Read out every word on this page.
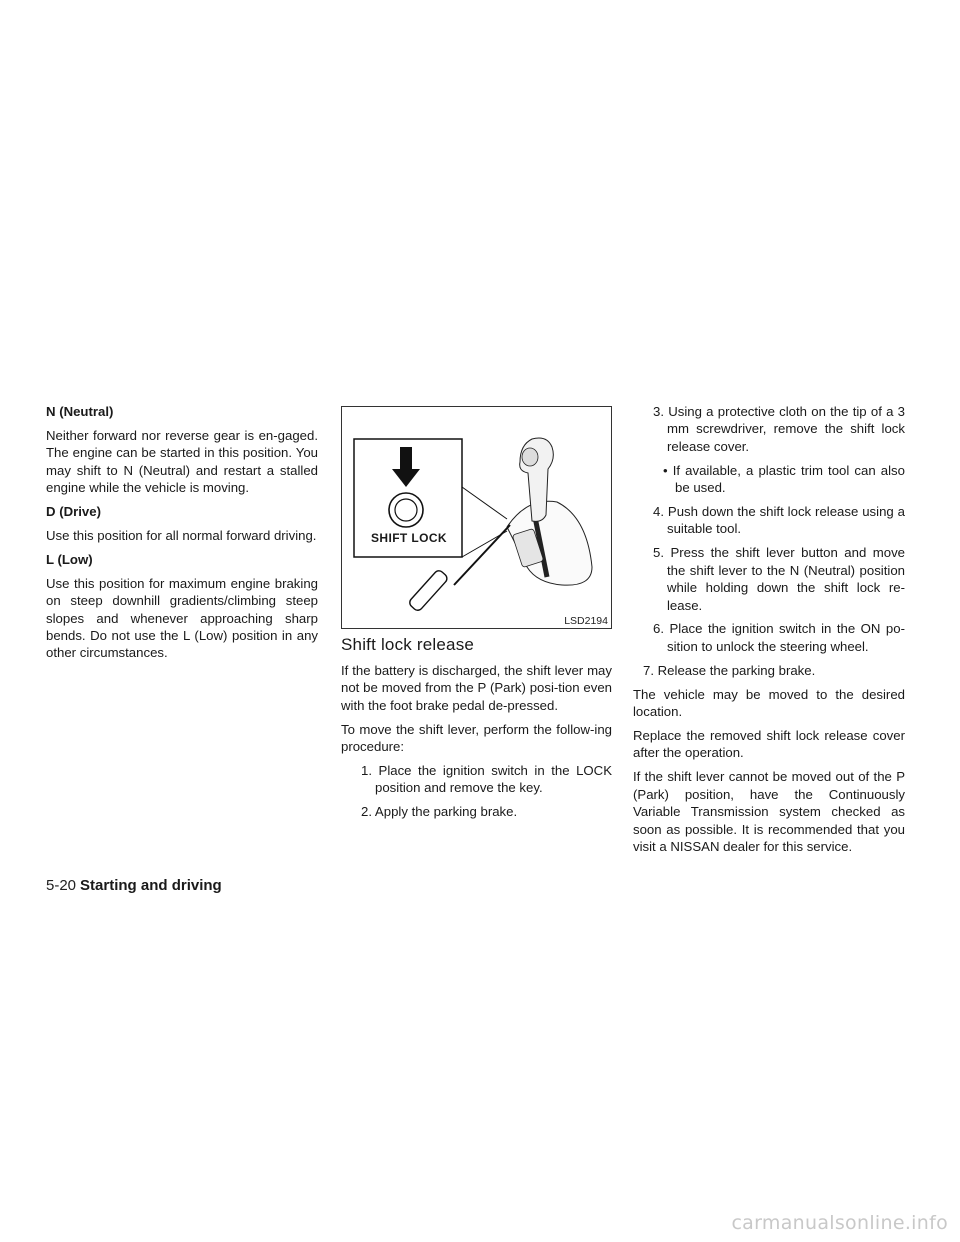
N (Neutral)

Neither forward nor reverse gear is en-gaged. The engine can be started in this position. You may shift to N (Neutral) and restart a stalled engine while the vehicle is moving.

D (Drive)

Use this position for all normal forward driving.

L (Low)

Use this position for maximum engine braking on steep downhill gradients/climbing steep slopes and whenever approaching sharp bends. Do not use the L (Low) position in any other circumstances.

SHIFT LOCK
LSD2194
Shift lock release

If the battery is discharged, the shift lever may not be moved from the P (Park) posi-tion even with the foot brake pedal de-pressed.

To move the shift lever, perform the follow-ing procedure:

1. Place the ignition switch in the LOCK position and remove the key.

2. Apply the parking brake.

3. Using a protective cloth on the tip of a 3 mm screwdriver, remove the shift lock release cover.

• If available, a plastic trim tool can also be used.

4. Push down the shift lock release using a suitable tool.

5. Press the shift lever button and move the shift lever to the N (Neutral) position while holding down the shift lock re-lease.

6. Place the ignition switch in the ON po-sition to unlock the steering wheel.

7. Release the parking brake.

The vehicle may be moved to the desired location.

Replace the removed shift lock release cover after the operation.

If the shift lever cannot be moved out of the P (Park) position, have the Continuously Variable Transmission system checked as soon as possible. It is recommended that you visit a NISSAN dealer for this service.

5-20 Starting and driving
carmanualsonline.info
